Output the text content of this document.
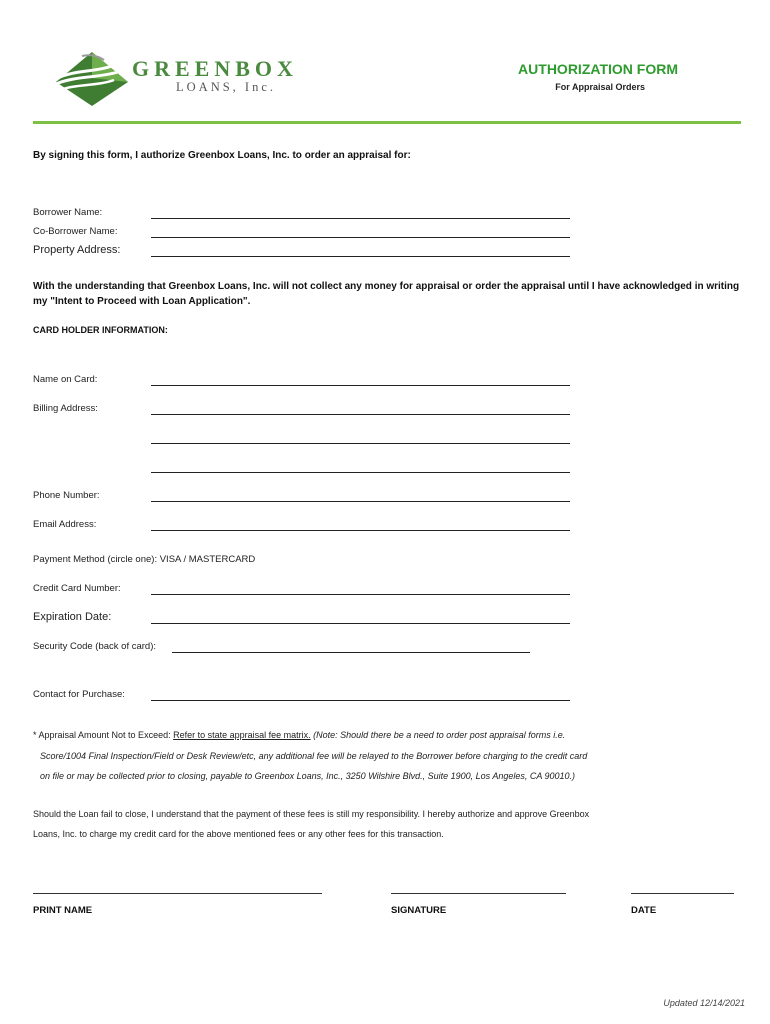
GREENBOX
LOANS, Inc.
AUTHORIZATION FORM
For Appraisal Orders
By signing this form, I authorize Greenbox Loans, Inc. to order an appraisal for:
Borrower Name:
Co-Borrower Name:
Property Address:
With the understanding that Greenbox Loans, Inc. will not collect any money for appraisal or order the appraisal until I have acknowledged in writing my "Intent to Proceed with Loan Application".
CARD HOLDER INFORMATION:
Name on Card:
Billing Address:
Phone Number:
Email Address:
Payment Method (circle one): VISA / MASTERCARD
Credit Card Number:
Expiration Date:
Security Code (back of card):
Contact for Purchase:
* Appraisal Amount Not to Exceed: Refer to state appraisal fee matrix. (Note: Should there be a need to order post appraisal forms i.e.
Score/1004 Final Inspection/Field or Desk Review/etc, any additional fee will be relayed to the Borrower before charging to the credit card
on file or may be collected prior to closing, payable to Greenbox Loans, Inc., 3250 Wilshire Blvd., Suite 1900, Los Angeles, CA 90010.)
Should the Loan fail to close, I understand that the payment of these fees is still my responsibility. I hereby authorize and approve Greenbox
Loans, Inc. to charge my credit card for the above mentioned fees or any other fees for this transaction.
PRINT NAME	SIGNATURE	DATE
Updated 12/14/2021
